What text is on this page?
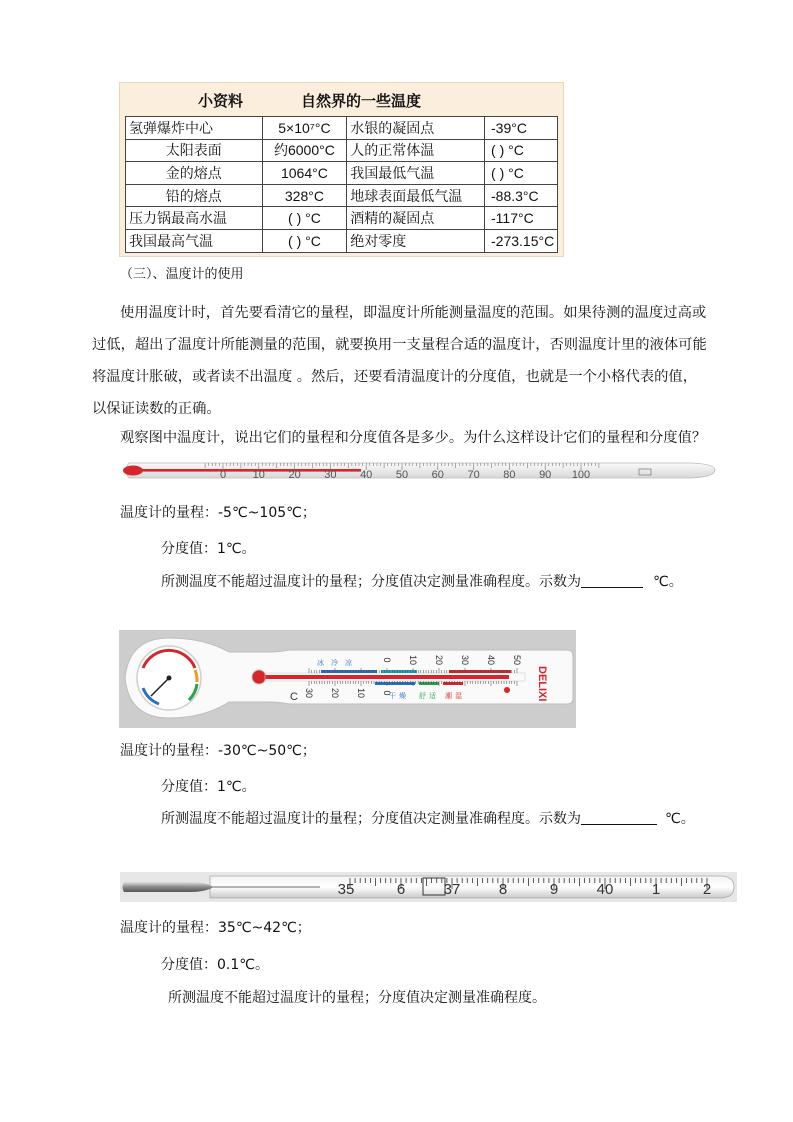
小资料	自然界的一些温度
氢弹爆炸中心	5×10⁷°C	水银的凝固点	-39°C
太阳表面	约6000°C	人的正常体温	( ) °C
金的熔点	1064°C	我国最低气温	( ) °C
铅的熔点	328°C	地球表面最低气温	-88.3°C
压力锅最高水温	( ) °C	酒精的凝固点	-117°C
我国最高气温	( ) °C	绝对零度	-273.15°C
（三）、温度计的使用
使用温度计时，首先要看清它的量程，即温度计所能测量温度的范围。如果待测的温度过高或过低，超出了温度计所能测量的范围，就要换用一支量程合适的温度计，否则温度计里的液体可能将温度计胀破，或者读不出温度 。然后，还要看清温度计的分度值，也就是一个小格代表的值，以保证读数的正确。
观察图中温度计，说出它们的量程和分度值各是多少。为什么这样设计它们的量程和分度值？
0 10 20 30 40 50 60 70 80 90 100
温度计的量程：-5℃~105℃；
分度值：1℃。
所测温度不能超过温度计的量程；分度值决定测量准确程度。示数为	℃。
0 10 20 30 40 50
0
10
20
30
冰 冷 凉
干 燥 舒 适 潮 湿
C	DELIXI
温度计的量程：-30℃~50℃；
分度值：1℃。
所测温度不能超过温度计的量程；分度值决定测量准确程度。示数为	℃。
35	6	37	8	9	40	1	2
温度计的量程：35℃~42℃；
分度值：0.1℃。
所测温度不能超过温度计的量程；分度值决定测量准确程度。
